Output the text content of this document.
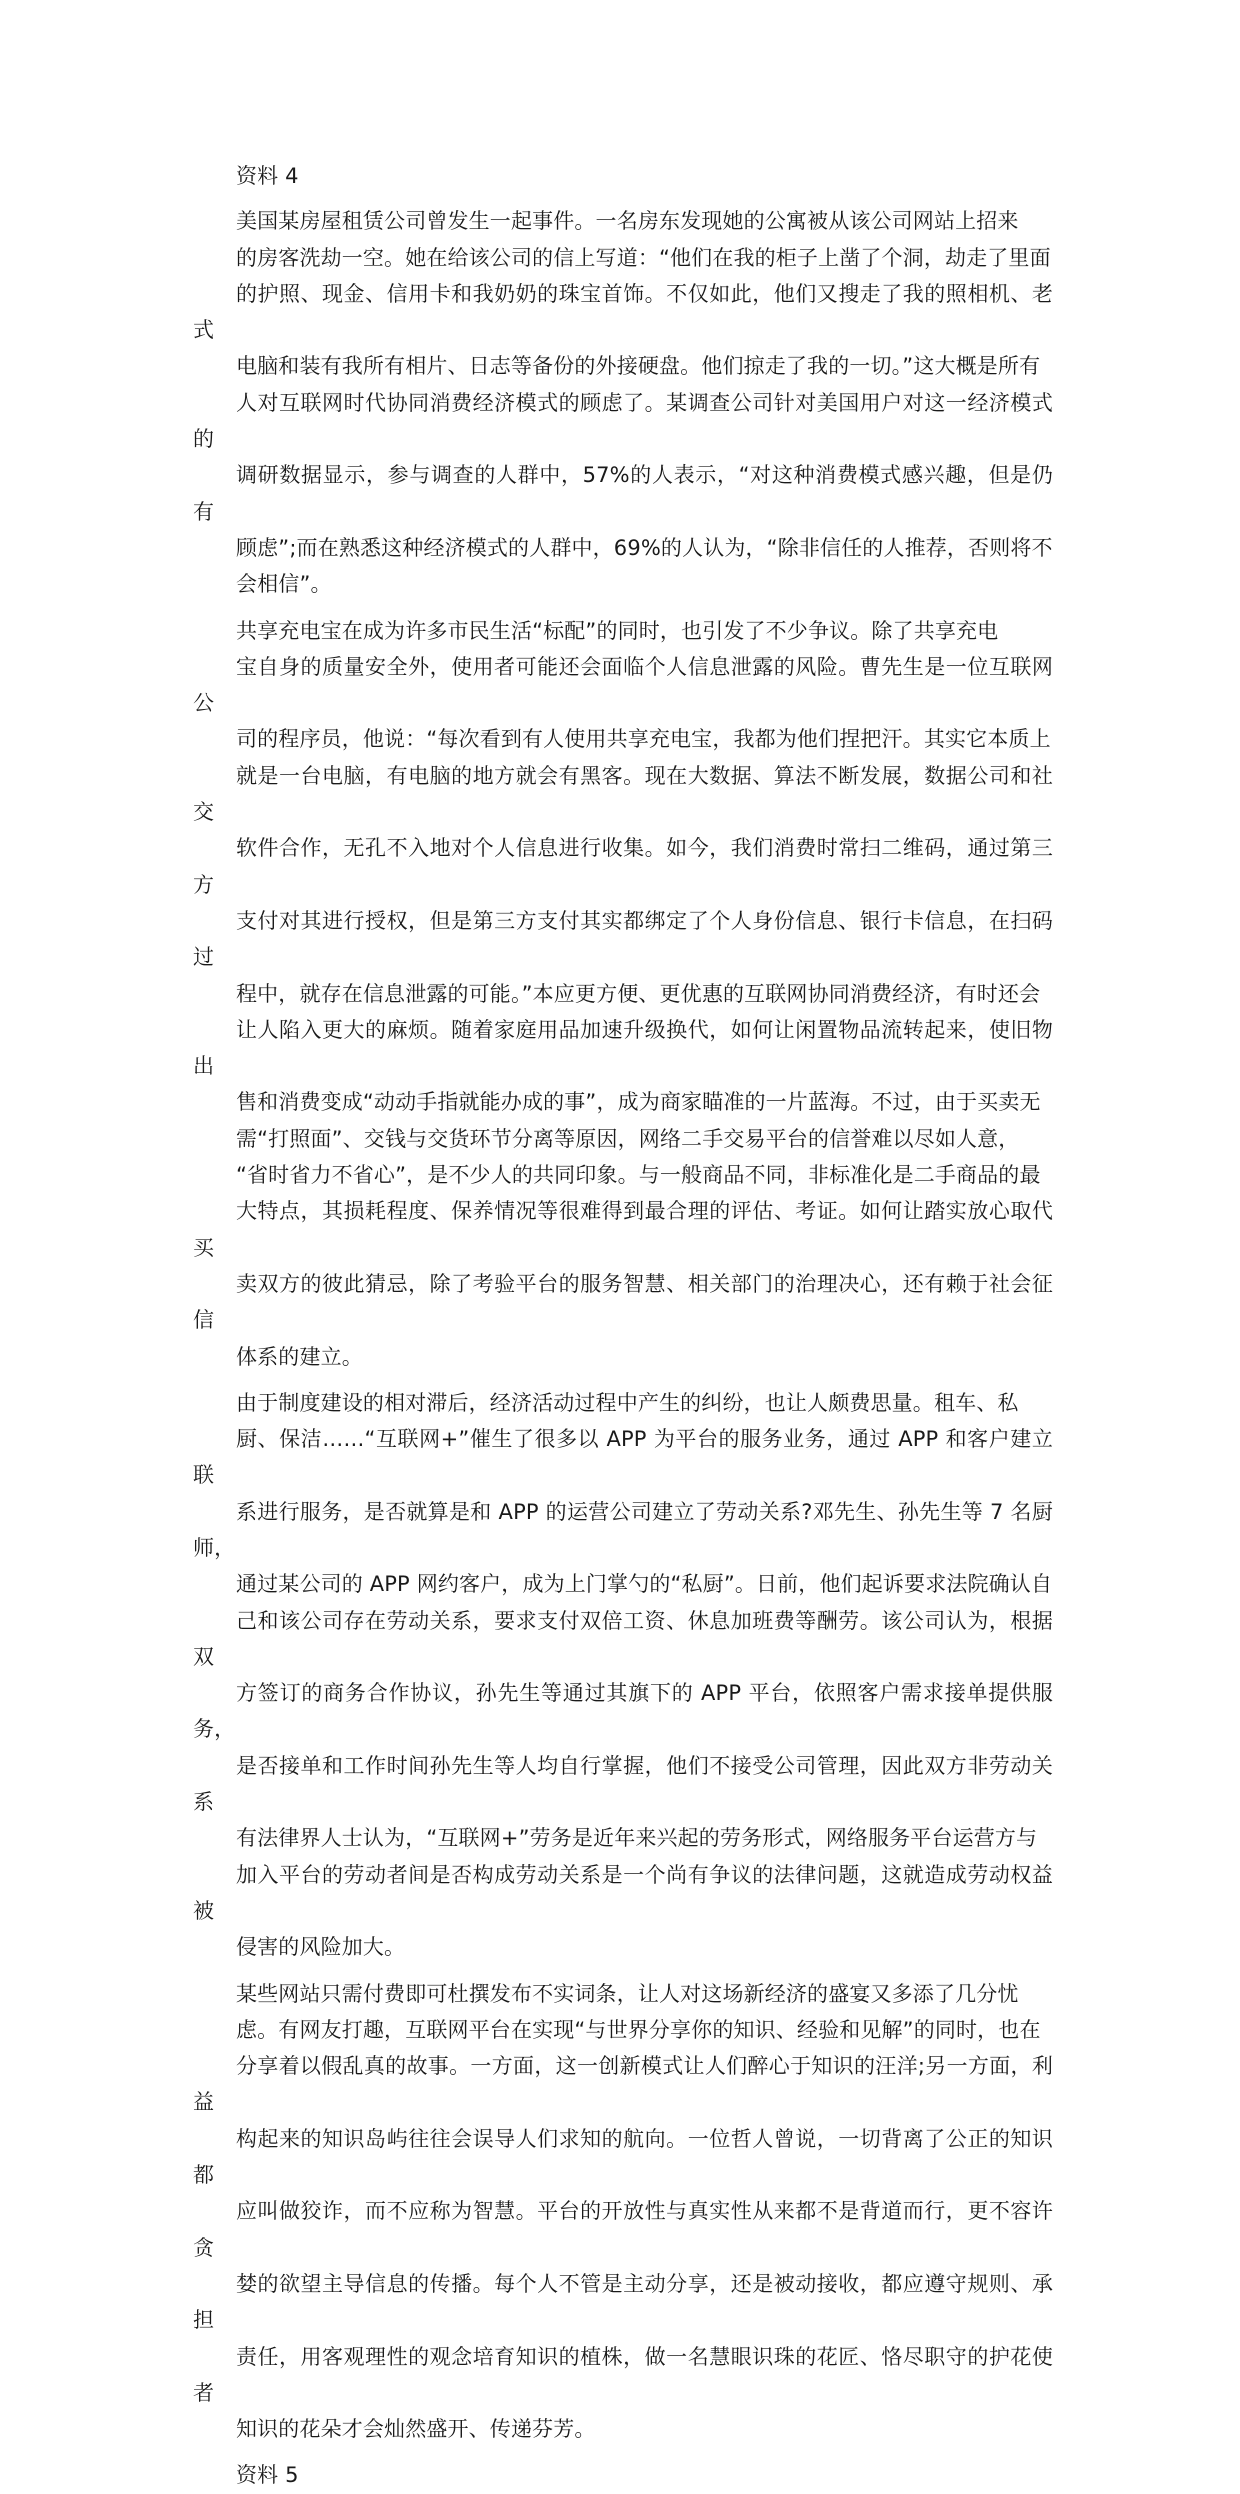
资料 4

美国某房屋租赁公司曾发生一起事件。一名房东发现她的公寓被从该公司网站上招来
的房客洗劫一空。她在给该公司的信上写道：“他们在我的柜子上凿了个洞，劫走了里面
的护照、现金、信用卡和我奶奶的珠宝首饰。不仅如此，他们又搜走了我的照相机、老式
电脑和装有我所有相片、日志等备份的外接硬盘。他们掠走了我的一切。”这大概是所有
人对互联网时代协同消费经济模式的顾虑了。某调查公司针对美国用户对这一经济模式的
调研数据显示，参与调查的人群中，57%的人表示，“对这种消费模式感兴趣，但是仍有
顾虑”;而在熟悉这种经济模式的人群中，69%的人认为，“除非信任的人推荐，否则将不
会相信”。

共享充电宝在成为许多市民生活“标配”的同时，也引发了不少争议。除了共享充电
宝自身的质量安全外，使用者可能还会面临个人信息泄露的风险。曹先生是一位互联网公
司的程序员，他说：“每次看到有人使用共享充电宝，我都为他们捏把汗。其实它本质上
就是一台电脑，有电脑的地方就会有黑客。现在大数据、算法不断发展，数据公司和社交
软件合作，无孔不入地对个人信息进行收集。如今，我们消费时常扫二维码，通过第三方
支付对其进行授权，但是第三方支付其实都绑定了个人身份信息、银行卡信息，在扫码过
程中，就存在信息泄露的可能。”本应更方便、更优惠的互联网协同消费经济，有时还会
让人陷入更大的麻烦。随着家庭用品加速升级换代，如何让闲置物品流转起来，使旧物出
售和消费变成“动动手指就能办成的事”，成为商家瞄准的一片蓝海。不过，由于买卖无
需“打照面”、交钱与交货环节分离等原因，网络二手交易平台的信誉难以尽如人意，
“省时省力不省心”，是不少人的共同印象。与一般商品不同，非标准化是二手商品的最
大特点，其损耗程度、保养情况等很难得到最合理的评估、考证。如何让踏实放心取代买
卖双方的彼此猜忌，除了考验平台的服务智慧、相关部门的治理决心，还有赖于社会征信
体系的建立。

由于制度建设的相对滞后，经济活动过程中产生的纠纷，也让人颇费思量。租车、私
厨、保洁……“互联网+”催生了很多以 APP 为平台的服务业务，通过 APP 和客户建立联
系进行服务，是否就算是和 APP 的运营公司建立了劳动关系?邓先生、孙先生等 7 名厨师，
通过某公司的 APP 网约客户，成为上门掌勺的“私厨”。日前，他们起诉要求法院确认自
己和该公司存在劳动关系，要求支付双倍工资、休息加班费等酬劳。该公司认为，根据双
方签订的商务合作协议，孙先生等通过其旗下的 APP 平台，依照客户需求接单提供服务，
是否接单和工作时间孙先生等人均自行掌握，他们不接受公司管理，因此双方非劳动关系
有法律界人士认为，“互联网+”劳务是近年来兴起的劳务形式，网络服务平台运营方与
加入平台的劳动者间是否构成劳动关系是一个尚有争议的法律问题，这就造成劳动权益被
侵害的风险加大。

某些网站只需付费即可杜撰发布不实词条，让人对这场新经济的盛宴又多添了几分忧
虑。有网友打趣，互联网平台在实现“与世界分享你的知识、经验和见解”的同时，也在
分享着以假乱真的故事。一方面，这一创新模式让人们醉心于知识的汪洋;另一方面，利益
构起来的知识岛屿往往会误导人们求知的航向。一位哲人曾说，一切背离了公正的知识都
应叫做狡诈，而不应称为智慧。平台的开放性与真实性从来都不是背道而行，更不容许贪
婪的欲望主导信息的传播。每个人不管是主动分享，还是被动接收，都应遵守规则、承担
责任，用客观理性的观念培育知识的植株，做一名慧眼识珠的花匠、恪尽职守的护花使者
知识的花朵才会灿然盛开、传递芬芳。

资料 5
